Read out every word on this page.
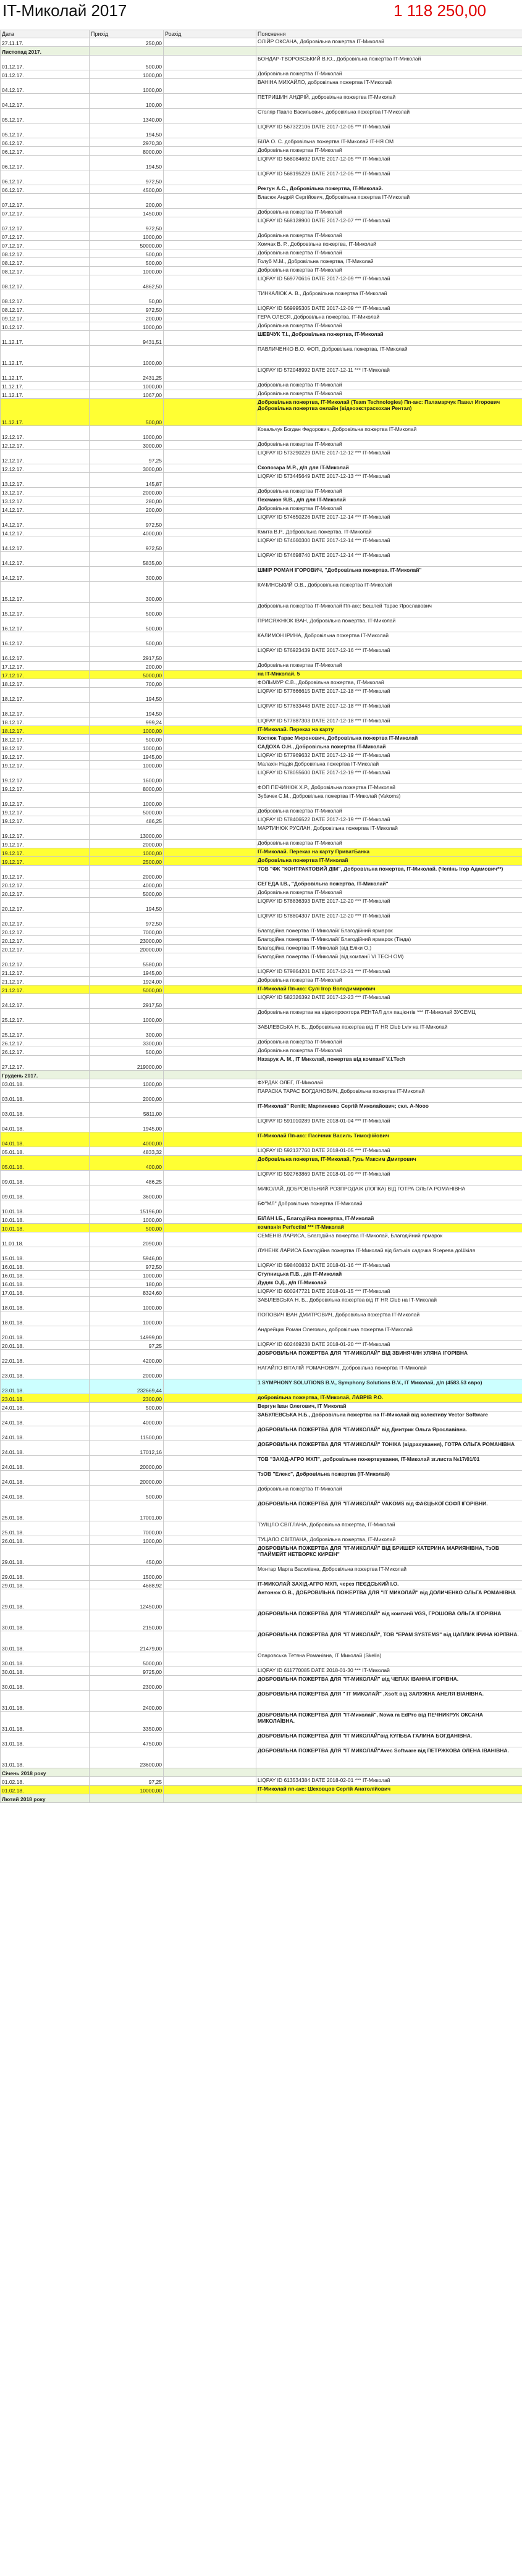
IT-Миколай 2017	1 118 250,00
Дата	Прихід	Розхід	Пояснення
27.11.17.	250,00		ОЛІЙР ОКСАНА, Добровільна пожертва IT-Миколай
Листопад 2017.			
01.12.17.	500,00		БОНДАР-ТВОРОВСЬКИЙ В.Ю., Добровільна пожертва IT-Миколай
01.12.17.	1000,00		Добровільна пожертва IT-Миколай
04.12.17.	1000,00		ВАНІНА МИХАЙЛО, добровільна пожертва IT-Миколай
04.12.17.	100,00		ПЕТРИШИН АНДРІЙ, добровільна пожертва IT-Миколай
05.12.17.	1340,00		Столяр Павло Васильович, добровільна пожертва IT-Миколай
05.12.17.	194,50		LIQPAY ID 567322106 DATE 2017-12-05 *** IT-Миколай
06.12.17.	2970,30		БІЛА О. С. добровільна пожертва IT-Миколай IT-НЯ ОМ
06.12.17.	8000,00		Добровільна пожертва IT-Миколай
06.12.17.	194,50		LIQPAY ID 568084692 DATE 2017-12-05 *** IT-Миколай
06.12.17.	972,50		LIQPAY ID 568195229 DATE 2017-12-05 *** IT-Миколай
06.12.17.	4500,00		Рекгун А.С., Добровільна пожертва, IT-Миколай.
07.12.17.	200,00		Власюк Андрій Сергійович, Добровільна пожертва IT-Миколай
07.12.17.	1450,00		Добровільна пожертва IT-Миколай
07.12.17.	972,50		LIQPAY ID 568128900 DATE 2017-12-07 *** IT-Миколай
07.12.17.	1000,00		Добровільна пожертва IT-Миколай
07.12.17.	50000,00		Хомчак В. Р., Добровільна пожертва, IT-Миколай
08.12.17.	500,00		Добровільна пожертва IT-Миколай
08.12.17.	500,00		Голуб М.М., Добровільна пожертва, IT-Миколай
08.12.17.	1000,00		Добровільна пожертва IT-Миколай
08.12.17.	4862,50		LIQPAY ID 569770616 DATE 2017-12-09 *** IT-Миколай
08.12.17.	50,00		ТИНКАЛЮК А. В., Добровільна пожертва IT-Миколай
08.12.17.	972,50		LIQPAY ID 569995305 DATE 2017-12-09 *** IT-Миколай
09.12.17.	200,00		ГЕРА ОЛЕСЯ, Добровільна пожертва, IT-Миколай
10.12.17.	1000,00		Добровільна пожертва IT-Миколай
11.12.17.	9431,51		ШЕВЧУК Т.І., Добровільна пожертва, IT-Миколай
11.12.17.	1000,00		ПАВЛИЧЕНКО В.О. ФОП, Добровільна пожертва, IT-Миколай
11.12.17.	2431,25		LIQPAY ID 572048992 DATE 2017-12-11 *** IT-Миколай
11.12.17.	1000,00		Добровільна пожертва IT-Миколай
11.12.17.	1067,00		Добровільна пожертва IT-Миколай
11.12.17.	500,00		Добровільна пожертва, IT-Миколай (Team Technologies) Пп-акс: Паламарчук Павел Игорович Добровільна пожертва онлайн (відеоэкстраскохан Рентал)
12.12.17.	1000,00		Ковальчук Богдан Федорович, Добровільна пожертва IT-Миколай
12.12.17.	3000,00		Добровільна пожертва IT-Миколай
12.12.17.	97,25		LIQPAY ID 573290229 DATE 2017-12-12 *** IT-Миколай
12.12.17.	3000,00		Скопозара М.Р., д/п для IT-Миколай
13.12.17.	145,87		LIQPAY ID 573445649 DATE 2017-12-13 *** IT-Миколай
13.12.17.	2000,00		Добровільна пожертва IT-Миколай
13.12.17.	280,00		Пехмаюн Я.В., д/п для IT-Миколай
14.12.17.	200,00		Добровільна пожертва IT-Миколай
14.12.17.	972,50		LIQPAY ID 574650226 DATE 2017-12-14 *** IT-Миколай
14.12.17.	4000,00		Кмита В.Р., Добровільна пожертва, IT-Миколай
14.12.17.	972,50		LIQPAY ID 574660300 DATE 2017-12-14 *** IT-Миколай
14.12.17.	5835,00		LIQPAY ID 574698740 DATE 2017-12-14 *** IT-Миколай
14.12.17.	300,00		ШМІР РОМАН ІГОРОВИЧ, "Добровільна пожертва. IT-Миколай"
15.12.17.	300,00		КАЧИНСЬКИЙ О.В., Добровільна пожертва IT-Миколай
15.12.17.	500,00		Добровільна пожертва IT-Миколай Пп-акс: Бешлей Тарас Ярославович
16.12.17.	500,00		ПРИСЯЖНЮК ІВАН, Добровільна пожертва, IT-Миколай
16.12.17.	500,00		КАЛИМОН ІРИНА, Добровільна пожертва IT-Миколай
16.12.17.	2917,50		LIQPAY ID 576923439 DATE 2017-12-16 *** IT-Миколай
17.12.17.	200,00		Добровільна пожертва IT-Миколай
17.12.17.	5000,00		на IT-Миколай. 5
18.12.17.	700,00		ФОЛЬМУР Є.В., Добровільна пожертва, IT-Миколай
18.12.17.	194,50		LIQPAY ID 577666615 DATE 2017-12-18 *** IT-Миколай
18.12.17.	194,50		LIQPAY ID 577633448 DATE 2017-12-18 *** IT-Миколай
18.12.17.	999,24		LIQPAY ID 577887303 DATE 2017-12-18 *** IT-Миколай
18.12.17.	1000,00		IT-Миколай. Переказ на карту
18.12.17.	500,00		Костюк Тарас Миронович, Добровільна пожертва IT-Миколай
18.12.17.	1000,00		САДОХА О.Н., Добровільна пожертва IT-Миколай
19.12.17.	1945,00		LIQPAY ID 577969632 DATE 2017-12-19 *** IT-Миколай
19.12.17.	1000,00		Малахін Надія Добровільна пожертва IT-Миколай
19.12.17.	1600,00		LIQPAY ID 578055600 DATE 2017-12-19 *** IT-Миколай
19.12.17.	8000,00		ФОП ПЕЧИНЮК Х.Р., Добровільна пожертва IT-Миколай
19.12.17.	1000,00		Зубачек С.М., Добровільна пожертва IT-Миколай (Vakoms)
19.12.17.	5000,00		Добровільна пожертва IT-Миколай
19.12.17.	486,25		LIQPAY ID 578406522 DATE 2017-12-19 *** IT-Миколай
19.12.17.	13000,00		МАРТИНЮК РУСЛАН, Добровільна пожертва IT-Миколай
19.12.17.	2000,00		Добровільна пожертва IT-Миколай
19.12.17.	1000,00		IT-Миколай. Переказ на карту ПриватБанка
19.12.17.	2500,00		Добровільна пожертва IT-Миколай
19.12.17.	2000,00		ТОВ "ФК "КОНТРАКТОВИЙ ДІМ", Добровільна пожертва, IT-Миколай. (Чепінь Ігор Адамович**)
20.12.17.	4000,00		СЕГЕДА І.В., "Добровільна пожертва, IT-Миколай"
20.12.17.	5000,00		Добровільна пожертва IT-Миколай
20.12.17.	194,50		LIQPAY ID 578836393 DATE 2017-12-20 *** IT-Миколай
20.12.17.	972,50		LIQPAY ID 578804307 DATE 2017-12-20 *** IT-Миколай
20.12.17.	7000,00		Благодійна пожертва IT-Миколай/ Благодійний ярмарок
20.12.17.	23000,00		Благодійна пожертва IT-Миколай/ Благодійний ярмарок (Тінда)
20.12.17.	20000,00		Благодійна пожертва IT-Миколай (від Еліки О.)
20.12.17.	5580,00		Благодійна пожертва IT-Миколай (від компанії VI TECH OM)
21.12.17.	1945,00		LIQPAY ID 579864201 DATE 2017-12-21 *** IT-Миколай
21.12.17.	1924,00		Добровільна пожертва IT-Миколай
21.12.17.	5000,00		IT-Миколай Пп-акс: Сулі Ігор Володимирович
24.12.17.	2917,50		LIQPAY ID 582326392 DATE 2017-12-23 *** IT-Миколай
25.12.17.	1000,00		Добровільна пожертва на відеопроєктора РЕНТАЛ для пацієнтів *** IT-Миколай ЗУСЕМЦ
25.12.17.	300,00		ЗАБІЛЕВСЬКА Н. Б., Добровільна пожертва від IT HR Club Lviv на IT-Миколай
26.12.17.	3300,00		Добровільна пожертва IT-Миколай
26.12.17.	500,00		Добровільна пожертва IT-Миколай
27.12.17.	219000,00		Назарук А. М., IT Миколай, пожертва від компанії V.I.Tech
Грудень 2017.			
03.01.18.	1000,00		ФУРДАК ОЛЕГ, IT-Миколай
03.01.18.	2000,00		ПАРАСКА ТАРАС БОГДАНОВИЧ, Добровільна пожертва IT-Миколай
03.01.18.	5811,00		IT-Миколай" Reniit; Мартиненко Сергій Миколайович; скл. A-Nooo
04.01.18.	1945,00		LIQPAY ID 591010289 DATE 2018-01-04 *** IT-Миколай
04.01.18.	4000,00		IT-Миколай Пп-акс: Пасічник Василь Тимофійович
05.01.18.	4833,32		LIQPAY ID 592137760 DATE 2018-01-05 *** IT-Миколай
05.01.18.	400,00		Добровільна пожертва, IT-Миколай, Гузь Максим Дмитрович
09.01.18.	486,25		LIQPAY ID 592763869 DATE 2018-01-09 *** IT-Миколай
09.01.18.	3600,00		МИКОЛАЙ, ДОБРОВІЛЬНИЙ РОЗПРОДАЖ (ЛОПКА) ВІД ГОТРА ОЛЬГА РОМАНІВНА
10.01.18.	15196,00		БФ"МЛ" Добровільна пожертва IT-Миколай
10.01.18.	1000,00		БІЛАН І.Б., Благодійна пожертва, IT-Миколай
10.01.18.	500,00		компанія Perfectial *** IT-Миколай
11.01.18.	2090,00		СЕМЕНІВ ЛАРИСА, Благодійна пожертва IT-Миколай, Благодійний ярмарок
15.01.18.	5946,00		ЛУНЕНК ЛАРИСА Благодійна пожертва IT-Миколай від батьків садочка Ясерева доШкіля
16.01.18.	972,50		LIQPAY ID 598400832 DATE 2018-01-16 *** IT-Миколай
16.01.18.	1000,00		Ступницька П.В., д/п IT-Миколай
16.01.18.	180,00		Дудяк О.Д., д/п IT-Миколай
17.01.18.	8324,60		LIQPAY ID 600247721 DATE 2018-01-15 *** IT-Миколай
18.01.18.	1000,00		ЗАБІЛЕВСЬКА Н. Б., Добровільна пожертва від IT HR Club на IT-Миколай
18.01.18.	1000,00		ПОПОВИЧ ІВАН ДМИТРОВИЧ, Добровільна пожертва IT-Миколай
20.01.18.	14999,00		Андрейцик Роман Олегович, добровільна пожертва IT-Миколай
20.01.18.	97,25		LIQPAY ID 602469238 DATE 2018-01-20 *** IT-Миколай
22.01.18.	4200,00		ДОБРОВІЛЬНА ПОЖЕРТВА ДЛЯ "IT-МИКОЛАЙ" ВІД ЗВИНЯЧИН УЛЯНА ІГОРІВНА
23.01.18.	2000,00		НАГАЙЛО ВІТАЛІЙ РОМАНОВИЧ, Добровільна пожертва IT-Миколай
23.01.18.	232669,44		1 SYMPHONY SOLUTIONS B.V., Symphony Solutions B.V., IT Миколай, д/п (4583.53 євро)
23.01.18.	2300,00		добровільна пожертва, IT-Миколай, ЛАВРІВ Р.О.
24.01.18.	500,00		Вергун Іван Олегович, IT Миколай
24.01.18.	4000,00		ЗАБУЛЕВСЬКА Н.Б., Добровільна пожертва на IT-Миколай від колективу Vector Software
24.01.18.	11500,00		ДОБРОВІЛЬНА ПОЖЕРТВА ДЛЯ "IT-МИКОЛАЙ" від Дмитрик Ольга Ярославівна.
24.01.18.	17012,16		ДОБРОВІЛЬНА ПОЖЕРТВА ДЛЯ "IT-МИКОЛАЙ" ТОНІКА (відрахування), ГОТРА ОЛЬГА РОМАНІВНА
24.01.18.	20000,00		ТОВ "ЗАХІД-АГРО МХП", добровільне пожертвування, IT-Миколай зг.листа №17/01/01
24.01.18.	20000,00		ТзОВ "Елекс", Добровільна пожертва (IT-Миколай)
24.01.18.	500,00		Добровільна пожертва IT-Миколай
25.01.18.	17001,00		ДОБРОВІЛЬНА ПОЖЕРТВА ДЛЯ "IT-МИКОЛАЙ" VAKOMS від ФАЄЦЬКОЇ СОФІЇ ІГОРІВНИ.
25.01.18.	7000,00		ТУЛЦЛО СВІТЛАНА, Добровільна пожертва, IT-Миколай
26.01.18.	1000,00		ТУЦАЛО СВІТЛАНА, Добровільна пожертва, IT-Миколай
29.01.18.	450,00		ДОБРОВІЛЬНА ПОЖЕРТВА ДЛЯ "IT-МИКОЛАЙ" ВІД БРИШЕР КАТЕРИНА МАРИЯНІВНА, ТзОВ "ПАЙМЕЙТ НЕТВОРКС КИРЕЇН"
29.01.18.	1500,00		Монтар Марта Василівна, Добровільна пожертва IT-Миколай
29.01.18.	4688,92		IT-МИКОЛАЙ ЗАХІД-АГРО МХП, через ПЕЄДСЬКИЙ І.О.
29.01.18.	12450,00		Антонюк О.В., ДОБРОВІЛЬНА ПОЖЕРТВА ДЛЯ "IT МИКОЛАЙ" від ДОЛИЧЕНКО ОЛЬГА РОМАНІВНА
30.01.18.	2150,00		ДОБРОВІЛЬНА ПОЖЕРТВА ДЛЯ "IT-МИКОЛАЙ" від компанії VGS, ГРОШОВА ОЛЬГА ІГОРІВНА
30.01.18.	21479,00		ДОБРОВІЛЬНА ПОЖЕРТВА ДЛЯ "IT МИКОЛАЙ", ТОВ "EPAM SYSTEMS" від ЦАПЛИК ІРИНА ЮРІЇВНА.
30.01.18.	5000,00		Опаровська Тетяна Романівна, IT Миколай (Skelia)
30.01.18.	9725,00		LIQPAY ID 611770085 DATE 2018-01-30 *** IT-Миколай
30.01.18.	2300,00		ДОБРОВІЛЬНА ПОЖЕРТВА ДЛЯ "IT-МИКОЛАЙ" від ЧЕПАК ІВАННА ІГОРІВНА.
31.01.18.	2400,00		ДОБРОВІЛЬНА ПОЖЕРТВА ДЛЯ " IT МИКОЛАЙ" ,Xsoft від ЗАЛУЖНА АНЕЛЯ ВІАНІВНА.
31.01.18.	3350,00		ДОБРОВІЛЬНА ПОЖЕРТВА ДЛЯ "IT-Миколай", Nowa ra EdPro від ПЕЧНИКРУК ОКСАНА МИКОЛАЇВНА.
31.01.18.	4750,00		ДОБРОВІЛЬНА ПОЖЕРТВА ДЛЯ "IT МИКОЛАЙ"від КУПЬБА ГАЛИНА БОГДАНІВНА.
31.01.18.	23600,00		ДОБРОВІЛЬНА ПОЖЕРТВА ДЛЯ "IT МИКОЛАЙ"Avec Software від ПЕТРЖКОВА ОЛЕНА ІВАНІВНА.
Січень 2018 року			
01.02.18.	97,25		LIQPAY ID 613534384 DATE 2018-02-01 *** IT-Миколай
01.02.18.	10000,00		IT-Миколай пп-акс: Шеховцов Сергій Анатолійович
Лютий 2018 року			
